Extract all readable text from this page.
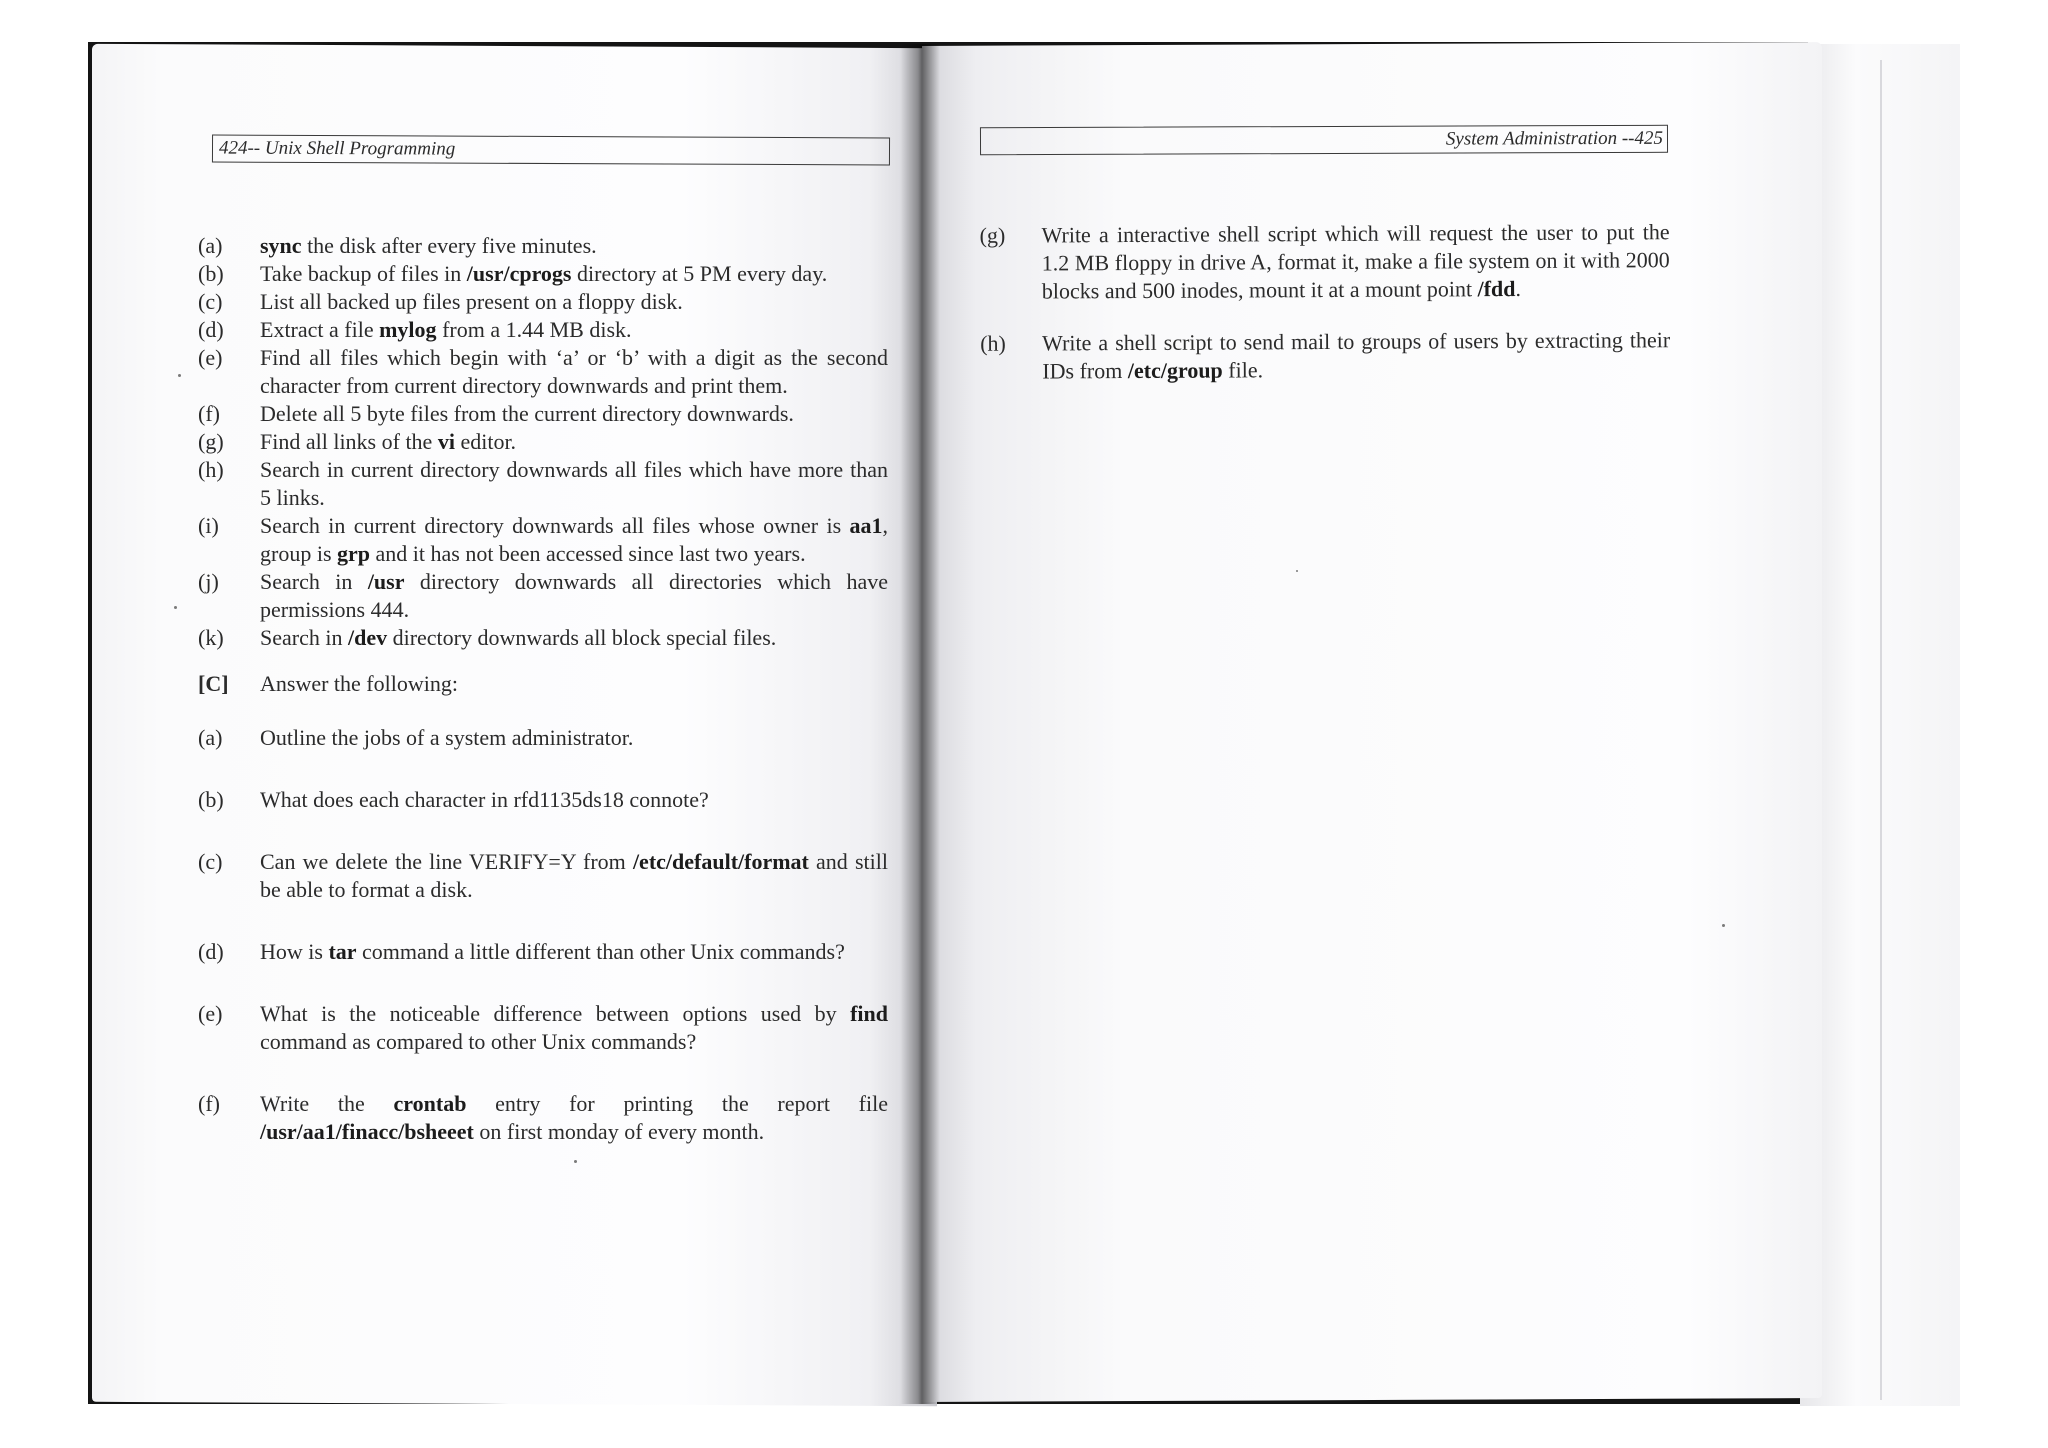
424-- Unix Shell Programming	System Administration --425
(a)	sync the disk after every five minutes.
(b)	Take backup of files in /usr/cprogs directory at 5 PM every day.
(c)	List all backed up files present on a floppy disk.
(d)	Extract a file mylog from a 1.44 MB disk.
(e)	Find all files which begin with ‘a’ or ‘b’ with a digit as the second character from current directory downwards and print them.
(f)	Delete all 5 byte files from the current directory downwards.
(g)	Find all links of the vi editor.
(h)	Search in current directory downwards all files which have more than 5 links.
(i)	Search in current directory downwards all files whose owner is aa1, group is grp and it has not been accessed since last two years.
(j)	Search in /usr directory downwards all directories which have permissions 444.
(k)	Search in /dev directory downwards all block special files.
[C]	Answer the following:
(a)	Outline the jobs of a system administrator.
(b)	What does each character in rfd1135ds18 connote?
(c)	Can we delete the line VERIFY=Y from /etc/default/format and still be able to format a disk.
(d)	How is tar command a little different than other Unix commands?
(e)	What is the noticeable difference between options used by find command as compared to other Unix commands?
(f)	Write the crontab entry for printing the report file /usr/aa1/finacc/bsheeet on first monday of every month.
(g)	Write a interactive shell script which will request the user to put the 1.2 MB floppy in drive A, format it, make a file system on it with 2000 blocks and 500 inodes, mount it at a mount point /fdd.
(h)	Write a shell script to send mail to groups of users by extracting their IDs from /etc/group file.
